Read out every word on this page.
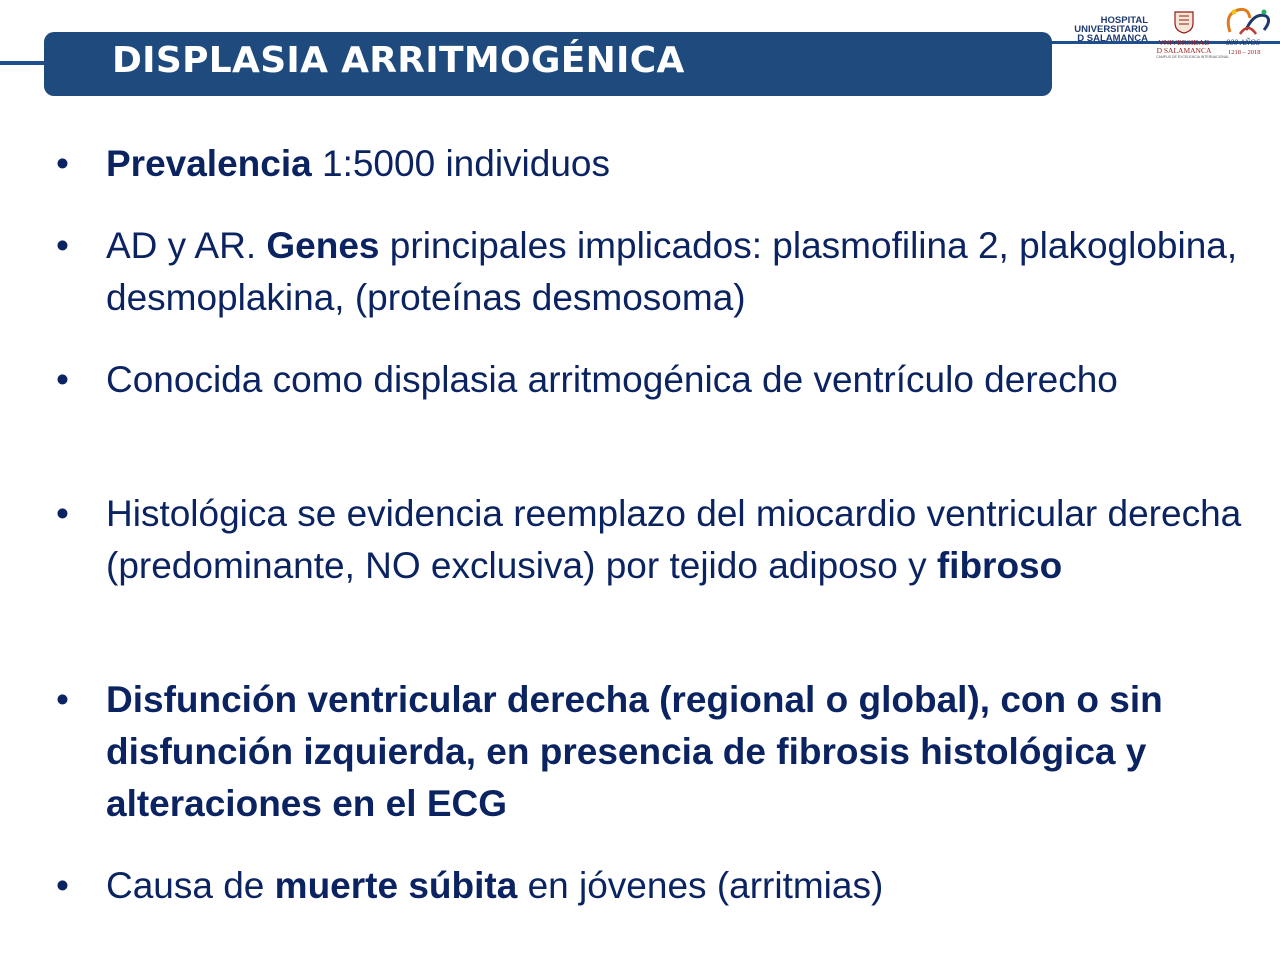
DISPLASIA ARRITMOGÉNICA
HOSPITAL
UNIVERSITARIO
D SALAMANCA	VNIVERSIDAD
D SALAMANCA
CAMPUS DE EXCELENCIA INTERNACIONAL
800 AÑOS
1218 – 2018
• Prevalencia 1:5000 individuos
• AD y AR. Genes principales implicados: plasmofilina 2, plakoglobina, desmoplakina, (proteínas desmosoma)
• Conocida como displasia arritmogénica de ventrículo derecho
• Histológica se evidencia reemplazo del miocardio ventricular derecha (predominante, NO exclusiva) por tejido adiposo y fibroso
• Disfunción ventricular derecha (regional o global), con o sin disfunción izquierda, en presencia de fibrosis histológica y alteraciones en el ECG
• Causa de muerte súbita en jóvenes (arritmias)
